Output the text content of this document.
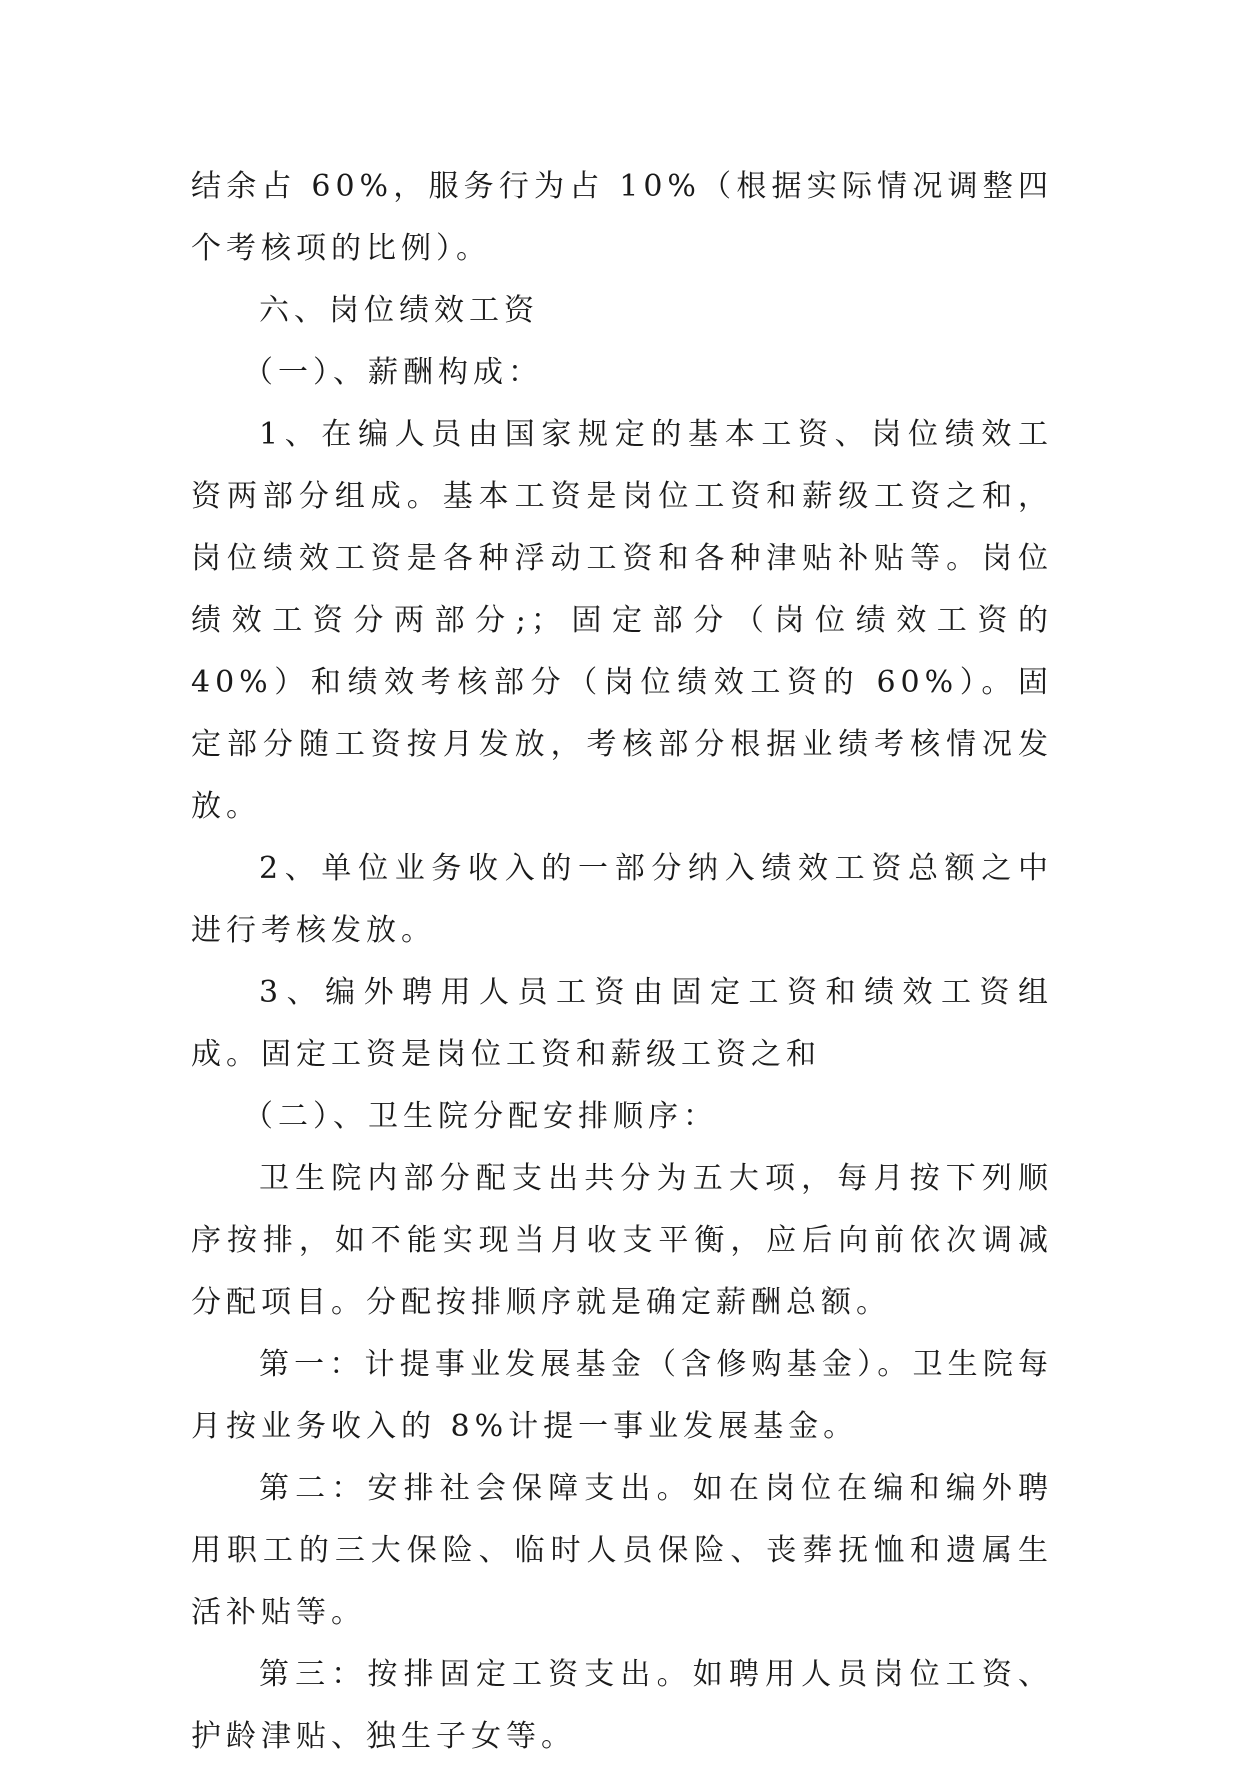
结余占 60%，服务行为占 10%（根据实际情况调整四个考核项的比例）。

六、岗位绩效工资

（一）、薪酬构成：

1、在编人员由国家规定的基本工资、岗位绩效工资两部分组成。基本工资是岗位工资和薪级工资之和，岗位绩效工资是各种浮动工资和各种津贴补贴等。岗位绩效工资分两部分;；固定部分（岗位绩效工资的 40%）和绩效考核部分（岗位绩效工资的 60%）。固定部分随工资按月发放，考核部分根据业绩考核情况发放。

2、单位业务收入的一部分纳入绩效工资总额之中进行考核发放。

3、编外聘用人员工资由固定工资和绩效工资组成。固定工资是岗位工资和薪级工资之和

（二）、卫生院分配安排顺序：

卫生院内部分配支出共分为五大项，每月按下列顺序按排，如不能实现当月收支平衡，应后向前依次调减分配项目。分配按排顺序就是确定薪酬总额。

第一：计提事业发展基金（含修购基金）。卫生院每月按业务收入的 8%计提一事业发展基金。

第二：安排社会保障支出。如在岗位在编和编外聘用职工的三大保险、临时人员保险、丧葬抚恤和遗属生活补贴等。

第三：按排固定工资支出。如聘用人员岗位工资、护龄津贴、独生子女等。
